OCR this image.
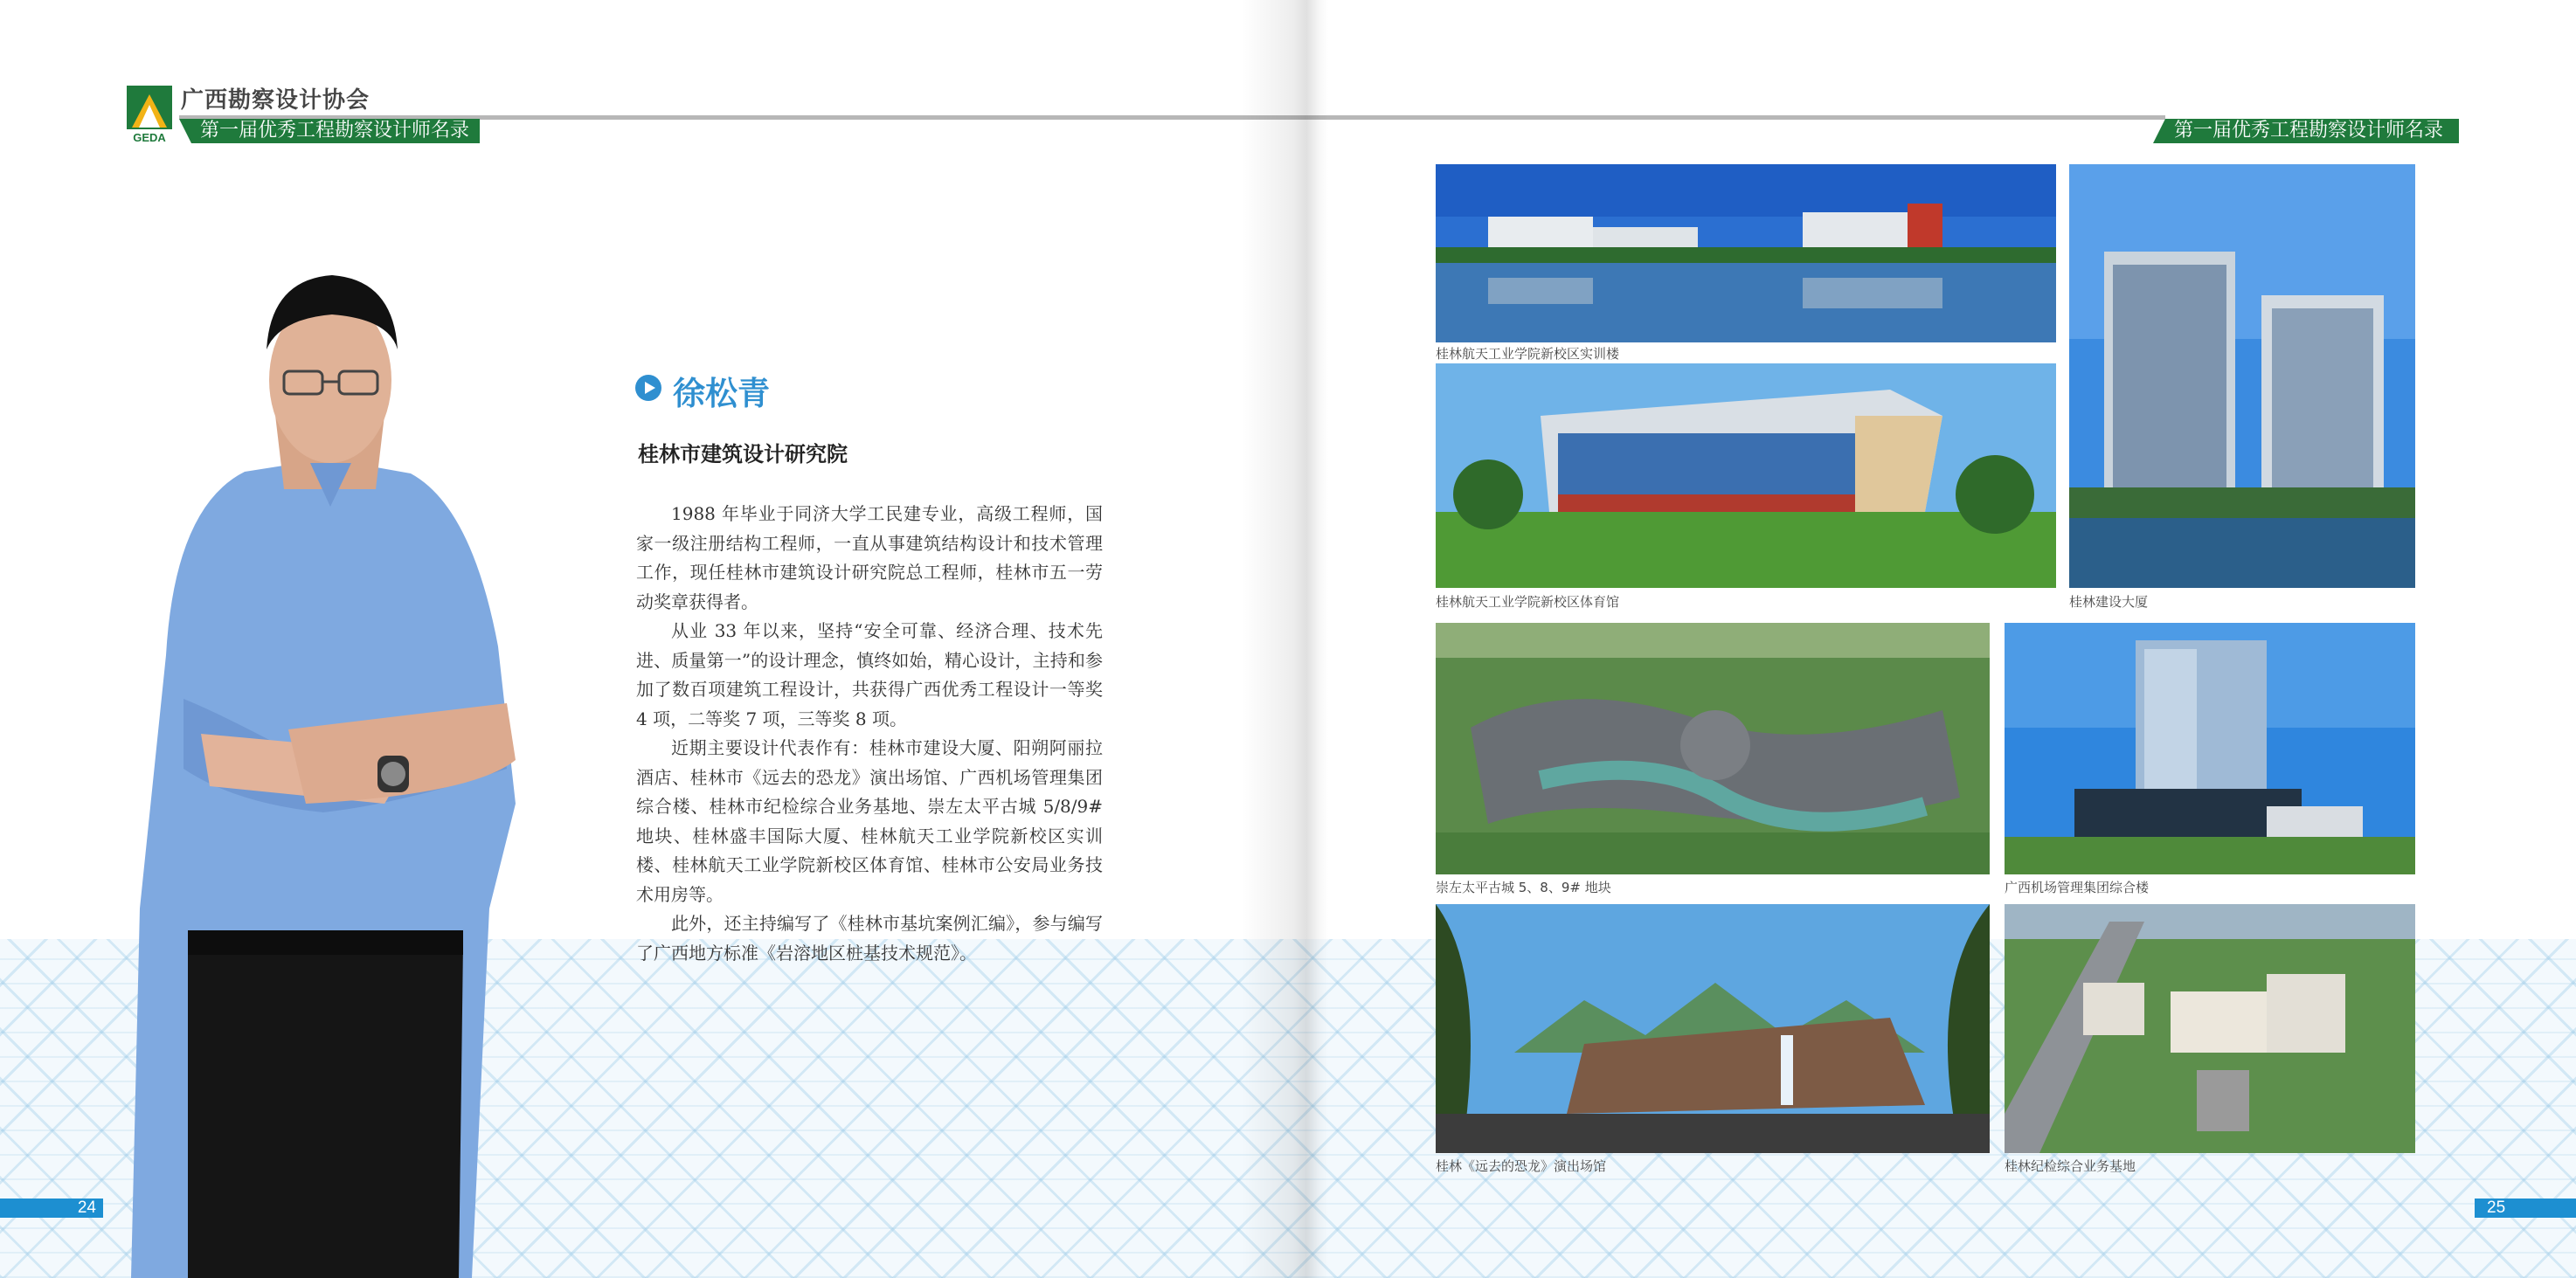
GEDA
广西勘察设计协会
第一届优秀工程勘察设计师名录
徐松青
桂林市建筑设计研究院

1988 年毕业于同济大学工民建专业，高级工程师，国家一级注册结构工程师，一直从事建筑结构设计和技术管理工作，现任桂林市建筑设计研究院总工程师，桂林市五一劳动奖章获得者。

从业 33 年以来，坚持“安全可靠、经济合理、技术先进、质量第一”的设计理念，慎终如始，精心设计，主持和参加了数百项建筑工程设计，共获得广西优秀工程设计一等奖 4 项，二等奖 7 项，三等奖 8 项。

近期主要设计代表作有：桂林市建设大厦、阳朔阿丽拉酒店、桂林市《远去的恐龙》演出场馆、广西机场管理集团综合楼、桂林市纪检综合业务基地、崇左太平古城 5/8/9# 地块、桂林盛丰国际大厦、桂林航天工业学院新校区实训楼、桂林航天工业学院新校区体育馆、桂林市公安局业务技术用房等。

此外，还主持编写了《桂林市基坑案例汇编》，参与编写了广西地方标准《岩溶地区桩基技术规范》。

24
第一届优秀工程勘察设计师名录
桂林航天工业学院新校区实训楼
桂林航天工业学院新校区体育馆	桂林建设大厦
崇左太平古城 5、8、9# 地块	广西机场管理集团综合楼
桂林《远去的恐龙》演出场馆	桂林纪检综合业务基地
25
